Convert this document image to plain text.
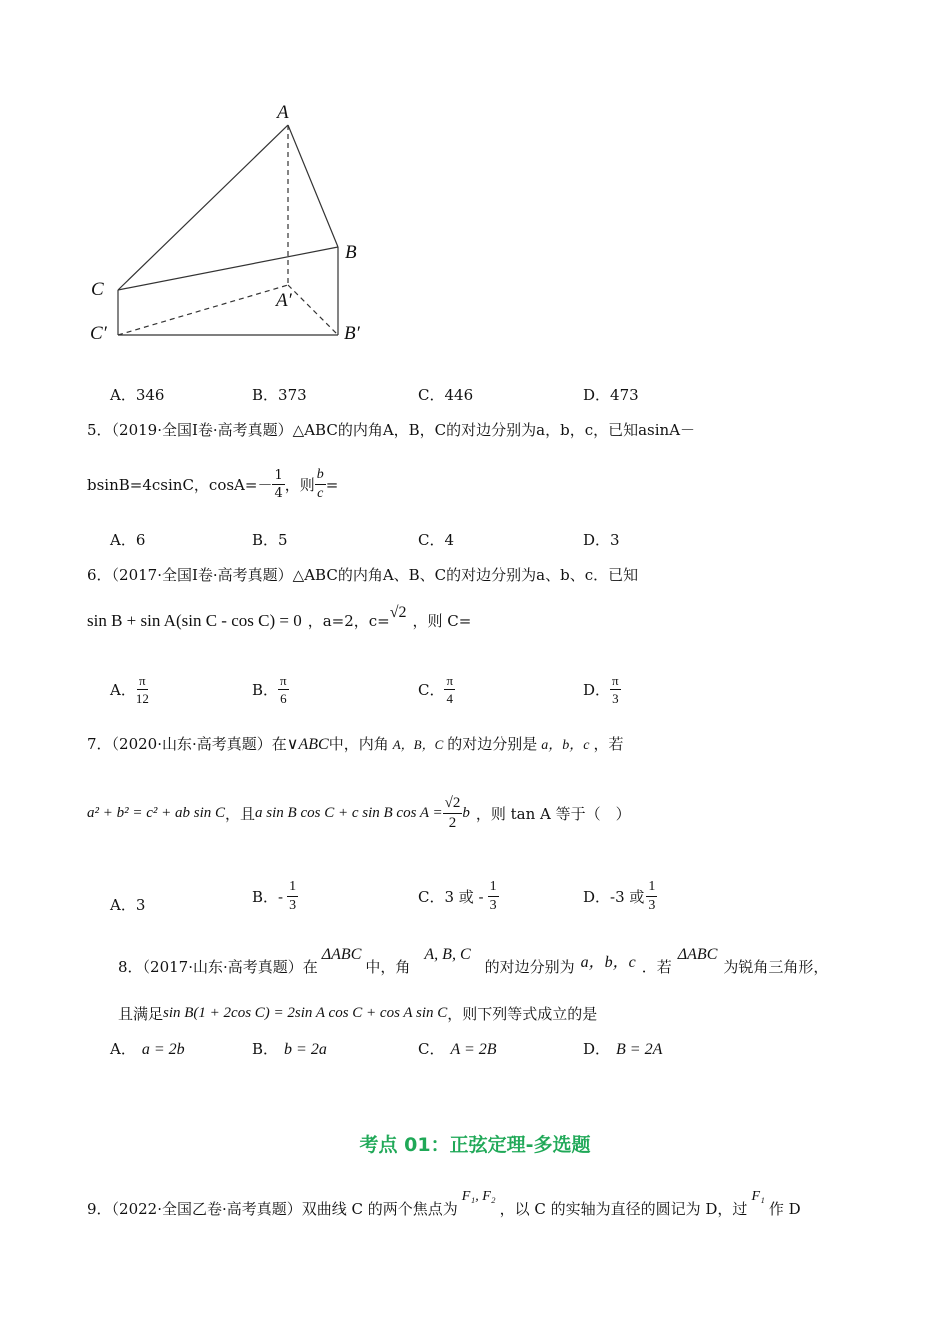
A
B
C
A′
B′
C′
A．346	B．373	C．446	D．473
5．（2019·全国Ⅰ卷·高考真题）△ABC的内角A，B，C的对边分别为a，b，c，已知asinA－
bsinB=4csinC，$\cos A=- \frac{1}{4}$ ，则 $\frac{b}{c}$ =
A．6	B．5	C．4	D．3
6．（2017·全国Ⅰ卷·高考真题）△ABC的内角A、B、C的对边分别为a、b、c．已知
sin B + sin A(sin C - cos C) = 0 ，a=2，c= √2 ，则 C=
A． $\frac{\pi}{12}$	B． $\frac{\pi}{6}$	C． $\frac{\pi}{4}$	D． $\frac{\pi}{3}$
7．（2020·山东·高考真题）在 ∨ABC 中，内角 A，B，C 的对边分别是 a，b，c ，若
a² + b² = c² + ab sin C ，且 a sin B cos C + c sin B $\cos A = \frac{√2}{2}$ b ，则 tan A 等于（　）
A．3	B．- $\frac{1}{3}$	C．3 或 - $\frac{1}{3}$	D．-3 或 $\frac{1}{3}$
8．（2017·山东·高考真题）在
ΔABC
中，角
A, B, C
的对边分别为 a，b，c ．若
ΔABC
为锐角三角形，
且满足 sin B(1 + 2cos C) = 2sin A cos C + cos A sin C ，则下列等式成立的是
A． a = 2b	B． b = 2a	C． A = 2B	D． B = 2A
考点 01：正弦定理-多选题
9．（2022·全国乙卷·高考真题）双曲线 C 的两个焦点为
F₁, F₂
，以 C 的实轴为直径的圆记为 D，过
F₁
作 D
